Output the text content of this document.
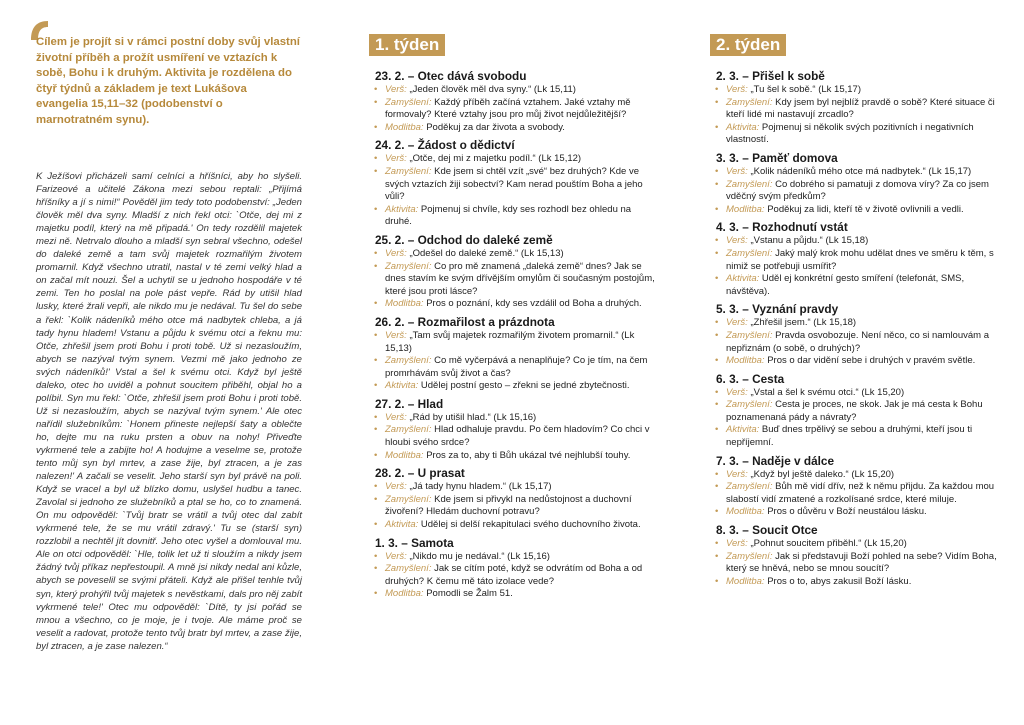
Cílem je projít si v rámci postní doby svůj vlastní životní příběh a prožít usmíření ve vztazích k sobě, Bohu i k druhým. Aktivita je rozdělena do čtyř týdnů a základem je text Lukášova evangelia 15,11–32 (podobenství o marnotratném synu).

K Ježíšovi přicházeli samí celníci a hříšníci, aby ho slyšeli. Farizeové a učitelé Zákona mezi sebou reptali: „Přijímá hříšníky a jí s nimi!“ Pověděl jim tedy toto podobenství: „Jeden člověk měl dva syny. Mladší z nich řekl otci: `Otče, dej mi z majetku podíl, který na mě připadá.' On tedy rozdělil majetek mezi ně. Netrvalo dlouho a mladší syn sebral všechno, odešel do daleké země a tam svůj majetek rozmařilým životem promarnil. Když všechno utratil, nastal v té zemi velký hlad a on začal mít nouzi. Šel a uchytil se u jednoho hospodáře v té zemi. Ten ho poslal na pole pást vepře. Rád by utišil hlad lusky, které žrali vepři, ale nikdo mu je nedával. Tu šel do sebe a řekl: `Kolik nádeníků mého otce má nadbytek chleba, a já tady hynu hladem! Vstanu a půjdu k svému otci a řeknu mu: Otče, zhřešil jsem proti Bohu i proti tobě. Už si nezasloužím, abych se nazýval tvým synem. Vezmi mě jako jednoho ze svých nádeníků!' Vstal a šel k svému otci. Když byl ještě daleko, otec ho uviděl a pohnut soucitem přiběhl, objal ho a políbil. Syn mu řekl: `Otče, zhřešil jsem proti Bohu i proti tobě. Už si nezasloužím, abych se nazýval tvým synem.' Ale otec nařídil služebníkům: `Honem přineste nejlepší šaty a oblečte ho, dejte mu na ruku prsten a obuv na nohy! Přiveďte vykrmené tele a zabijte ho! A hodujme a veselme se, protože tento můj syn byl mrtev, a zase žije, byl ztracen, a je zas nalezen!' A začali se veselit. Jeho starší syn byl právě na poli. Když se vracel a byl už blízko domu, uslyšel hudbu a tanec. Zavolal si jednoho ze služebníků a ptal se ho, co to znamená. On mu odpověděl: `Tvůj bratr se vrátil a tvůj otec dal zabít vykrmené tele, že se mu vrátil zdravý.' Tu se (starší syn) rozzlobil a nechtěl jít dovnitř. Jeho otec vyšel a domlouval mu. Ale on otci odpověděl: `Hle, tolik let už ti sloužím a nikdy jsem žádný tvůj příkaz nepřestoupil. A mně jsi nikdy nedal ani kůzle, abych se poveselil se svými přáteli. Když ale přišel tenhle tvůj syn, který prohýřil tvůj majetek s nevěstkami, dals pro něj zabít vykrmené tele!' Otec mu odpověděl: `Dítě, ty jsi pořád se mnou a všechno, co je moje, je i tvoje. Ale máme proč se veselit a radovat, protože tento tvůj bratr byl mrtev, a zase žije, byl ztracen, a je zase nalezen.“

1. týden
23. 2. – Otec dává svobodu
• Verš: „Jeden člověk měl dva syny.“ (Lk 15,11)
• Zamyšlení: Každý příběh začíná vztahem. Jaké vztahy mě formovaly? Které vztahy jsou pro můj život nejdůležitější?
• Modlitba: Poděkuj za dar života a svobody.
24. 2. – Žádost o dědictví
• Verš: „Otče, dej mi z majetku podíl.“ (Lk 15,12)
• Zamyšlení: Kde jsem si chtěl vzít „své“ bez druhých? Kde ve svých vztazích žiji sobectví? Kam nerad pouštím Boha a jeho vůli?
• Aktivita: Pojmenuj si chvíle, kdy ses rozhodl bez ohledu na druhé.
25. 2. – Odchod do daleké země
• Verš: „Odešel do daleké země.“ (Lk 15,13)
• Zamyšlení: Co pro mě znamená „daleká země“ dnes? Jak se dnes stavím ke svým dřívějším omylům či současným postojům, které jsou proti lásce?
• Modlitba: Pros o poznání, kdy ses vzdálil od Boha a druhých.
26. 2. – Rozmařilost a prázdnota
• Verš: „Tam svůj majetek rozmařilým životem promarnil.“ (Lk 15,13)
• Zamyšlení: Co mě vyčerpává a nenaplňuje? Co je tím, na čem promrhávám svůj život a čas?
• Aktivita: Udělej postní gesto – zřekni se jedné zbytečnosti.
27. 2. – Hlad
• Verš: „Rád by utišil hlad.“ (Lk 15,16)
• Zamyšlení: Hlad odhaluje pravdu. Po čem hladovím? Co chci v hloubi svého srdce?
• Modlitba: Pros za to, aby ti Bůh ukázal tvé nejhlubší touhy.
28. 2. – U prasat
• Verš: „Já tady hynu hladem.“ (Lk 15,17)
• Zamyšlení: Kde jsem si přivykl na nedůstojnost a duchovní živoření? Hledám duchovní potravu?
• Aktivita: Udělej si delší rekapitulaci svého duchovního života.
1. 3. – Samota
• Verš: „Nikdo mu je nedával.“ (Lk 15,16)
• Zamyšlení: Jak se cítím poté, když se odvrátím od Boha a od druhých? K čemu mě táto izolace vede?
• Modlitba: Pomodli se Žalm 51.
2. týden
2. 3. – Přišel k sobě
• Verš: „Tu šel k sobě.“ (Lk 15,17)
• Zamyšlení: Kdy jsem byl nejblíž pravdě o sobě? Které situace či kteří lidé mi nastavují zrcadlo?
• Aktivita: Pojmenuj si několik svých pozitivních i negativních vlastností.
3. 3. – Paměť domova
• Verš: „Kolik nádeníků mého otce má nadbytek.“ (Lk 15,17)
• Zamyšlení: Co dobrého si pamatuji z domova víry? Za co jsem vděčný svým předkům?
• Modlitba: Poděkuj za lidi, kteří tě v životě ovlivnili a vedli.
4. 3. – Rozhodnutí vstát
• Verš: „Vstanu a půjdu.“ (Lk 15,18)
• Zamyšlení: Jaký malý krok mohu udělat dnes ve směru k těm, s nimiž se potřebuji usmířit?
• Aktivita: Uděl ej konkrétní gesto smíření (telefonát, SMS, návštěva).
5. 3. – Vyznání pravdy
• Verš: „Zhřešil jsem.“ (Lk 15,18)
• Zamyšlení: Pravda osvobozuje. Není něco, co si namlouvám a nepřiznám (o sobě, o druhých)?
• Modlitba: Pros o dar vidění sebe i druhých v pravém světle.
6. 3. – Cesta
• Verš: „Vstal a šel k svému otci.“ (Lk 15,20)
• Zamyšlení: Cesta je proces, ne skok. Jak je má cesta k Bohu poznamenaná pády a návraty?
• Aktivita: Buď dnes trpělivý se sebou a druhými, kteří jsou ti nepříjemní.
7. 3. – Naděje v dálce
• Verš: „Když byl ještě daleko.“ (Lk 15,20)
• Zamyšlení: Bůh mě vidí dřív, než k němu přijdu. Za každou mou slabostí vidí zmatené a rozkolísané srdce, které miluje.
• Modlitba: Pros o důvěru v Boží neustálou lásku.
8. 3. – Soucit Otce
• Verš: „Pohnut soucitem přiběhl.“ (Lk 15,20)
• Zamyšlení: Jak si představuji Boží pohled na sebe? Vidím Boha, který se hněvá, nebo se mnou soucítí?
• Modlitba: Pros o to, abys zakusil Boží lásku.
